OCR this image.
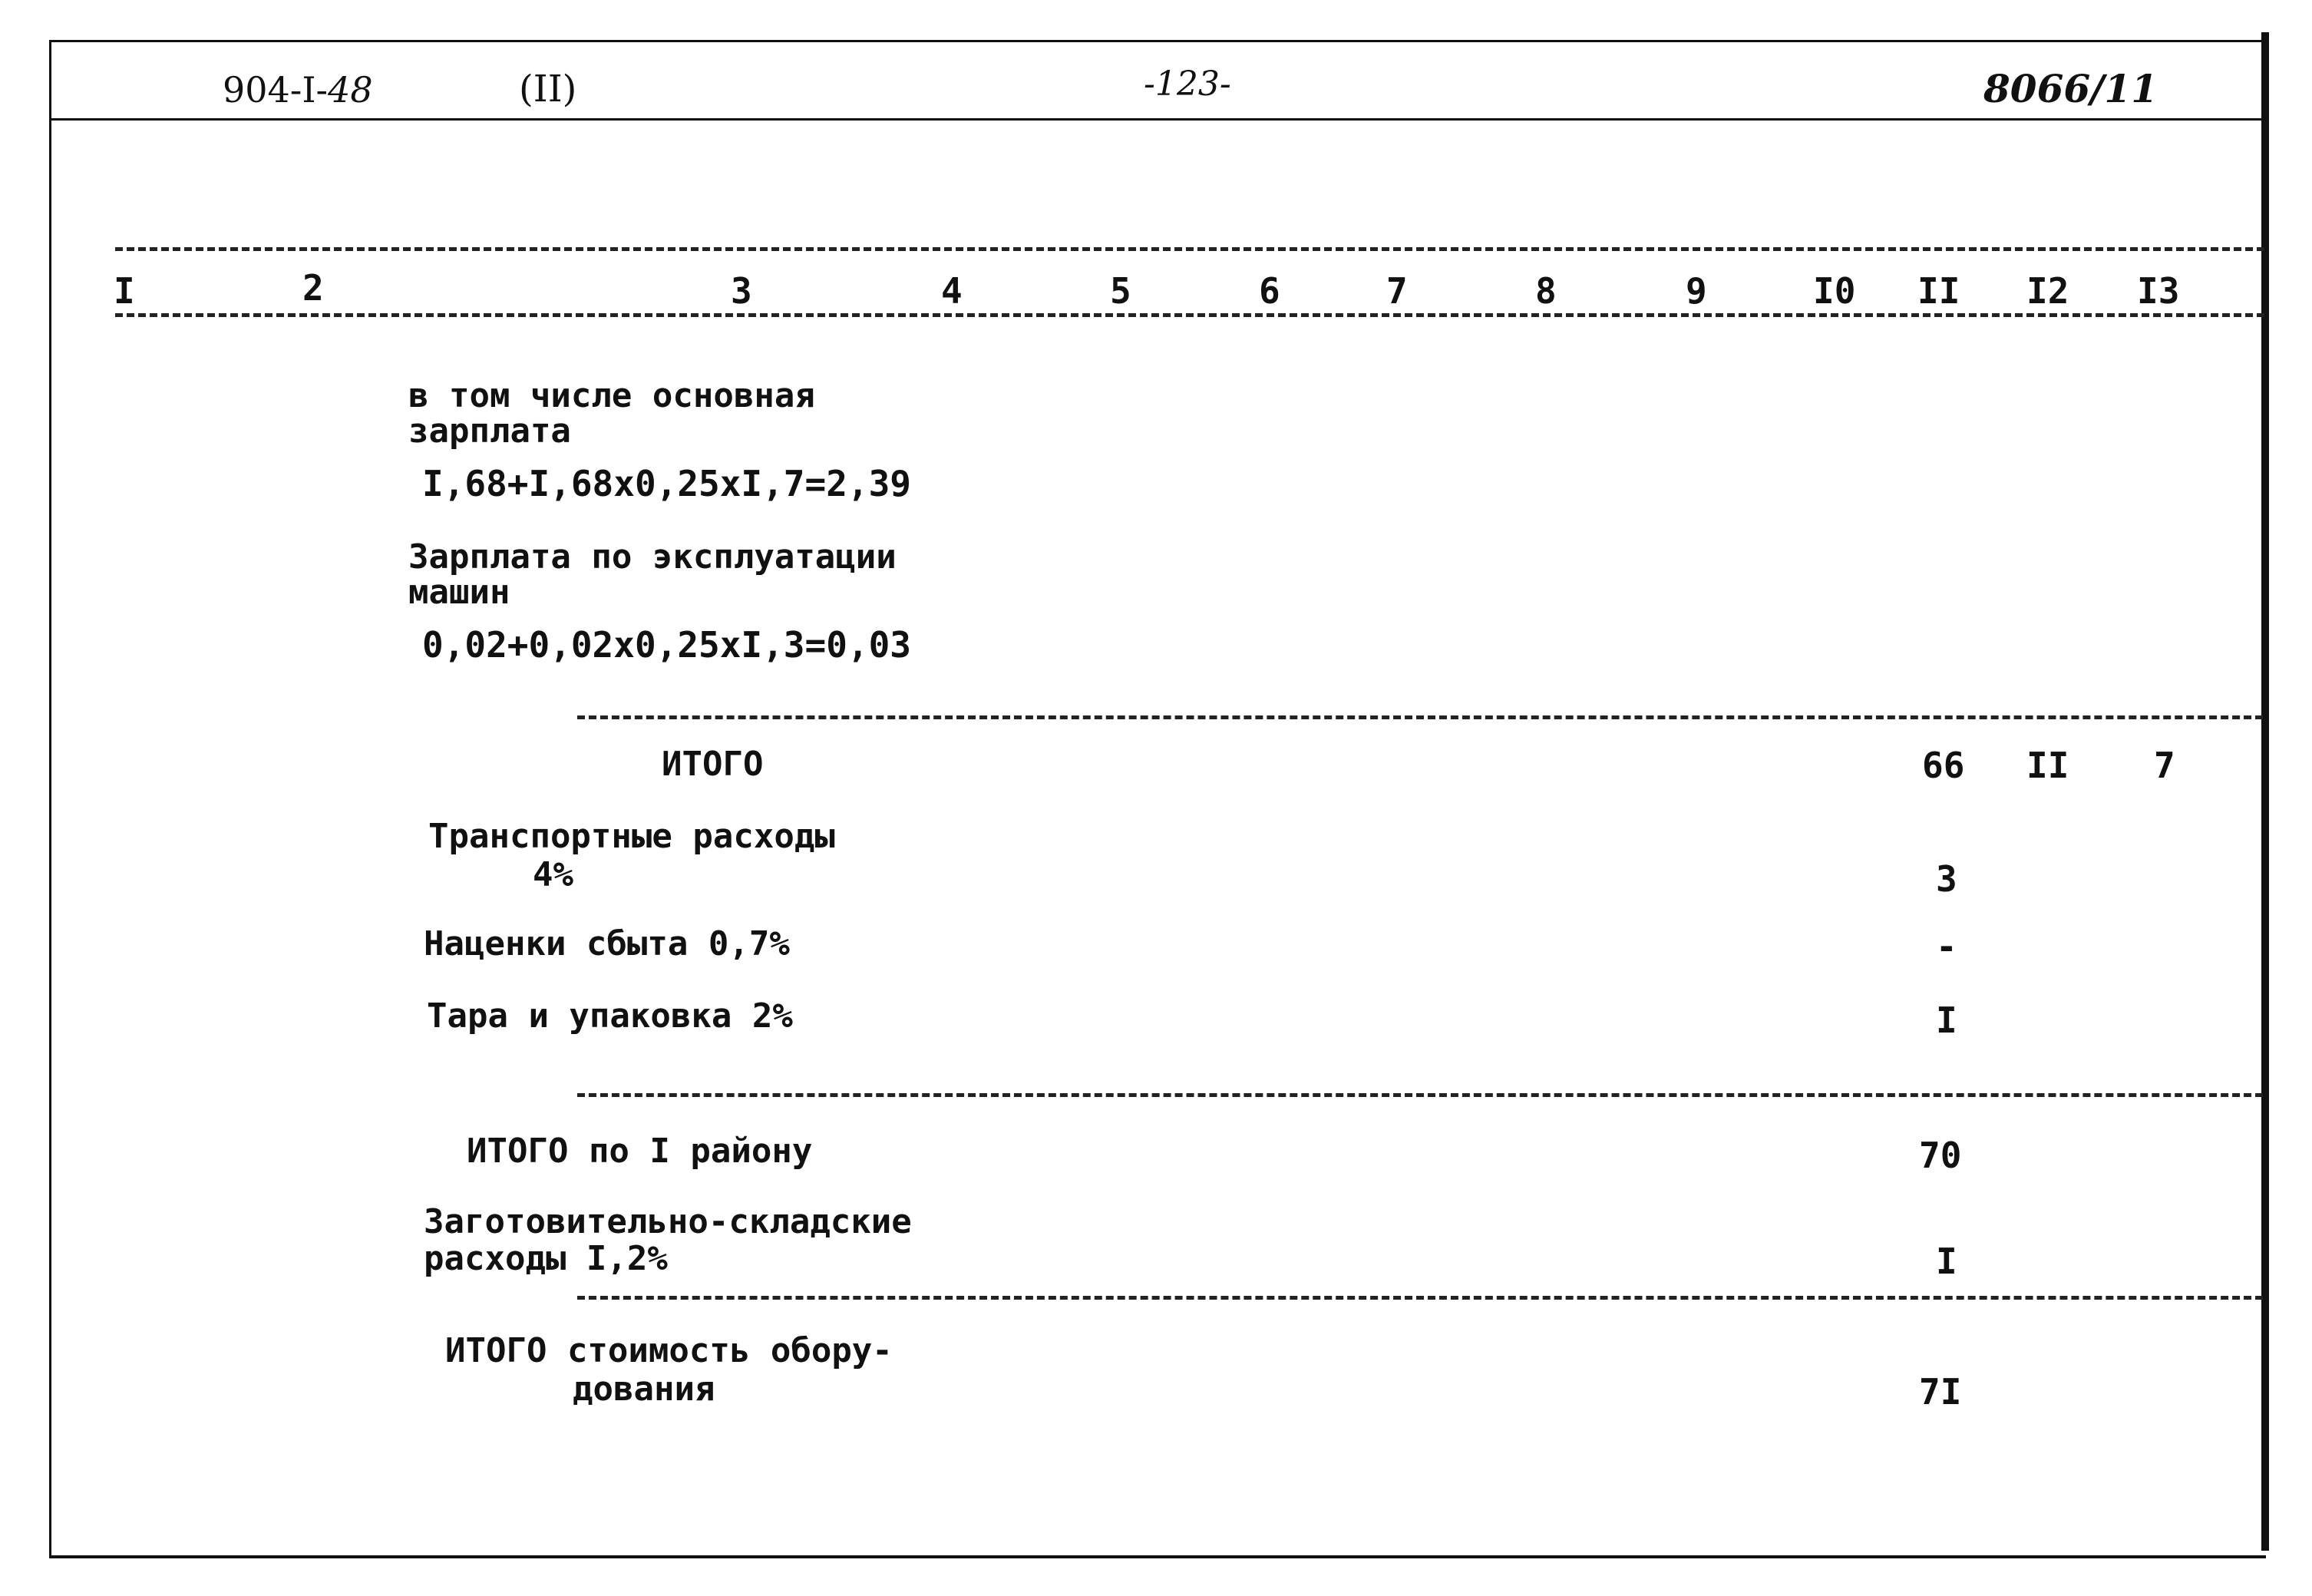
904-I-48	(II)	-123-	8066/11
I	2	3	4	5	6	7	8	9	I0 II I2 I3
в том числе основная
зарплата
I,68+I,68х0,25хI,7=2,39
Зарплата по эксплуатации
машин
0,02+0,02х0,25хI,3=0,03
ИТОГО	66 II 7
Транспортные расходы
4%	3
Наценки сбыта 0,7%	-
Тара и упаковка 2%	I
ИТОГО по I району	70
Заготовительно-складские
расходы I,2%	I
ИТОГО стоимость обору-
дования	7I
